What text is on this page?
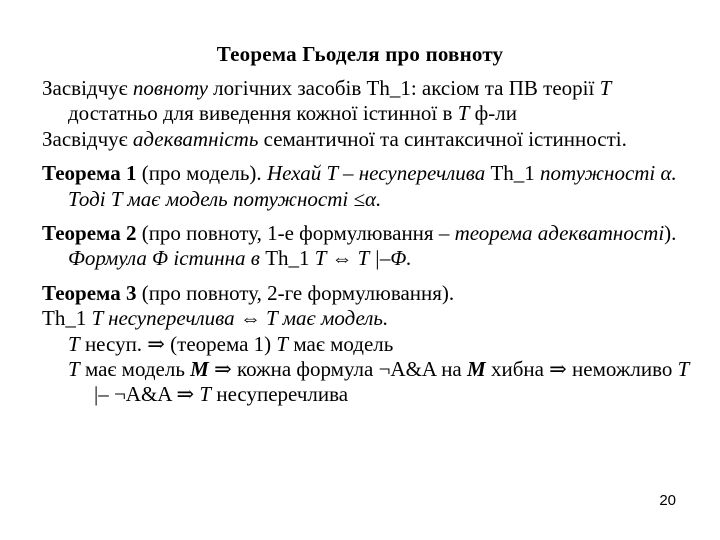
Теорема Гьоделя про повноту

Засвідчує повноту логічних засобів Th_1: аксіом та ПВ теорії T достатньо для виведення кожної істинної в T ф-ли

Засвідчує адекватність семантичної та синтаксичної істинності.

Теорема 1 (про модель). Нехай T – несуперечлива Th_1 потужності α. Тоді T має модель потужності ≤α.

Теорема 2 (про повноту, 1-е формулювання – теорема адекватності). Формула Φ істинна в Th_1 T ⇔ T |–Φ.

Теорема 3 (про повноту, 2-ге формулювання).

Th_1 T несуперечлива ⇔ T має модель.

T несуп. ⇒ (теорема 1) T має модель

T має модель M ⇒ кожна формула ¬A&A на M хибна ⇒ неможливо T |– ¬A&A ⇒ T несуперечлива

20
